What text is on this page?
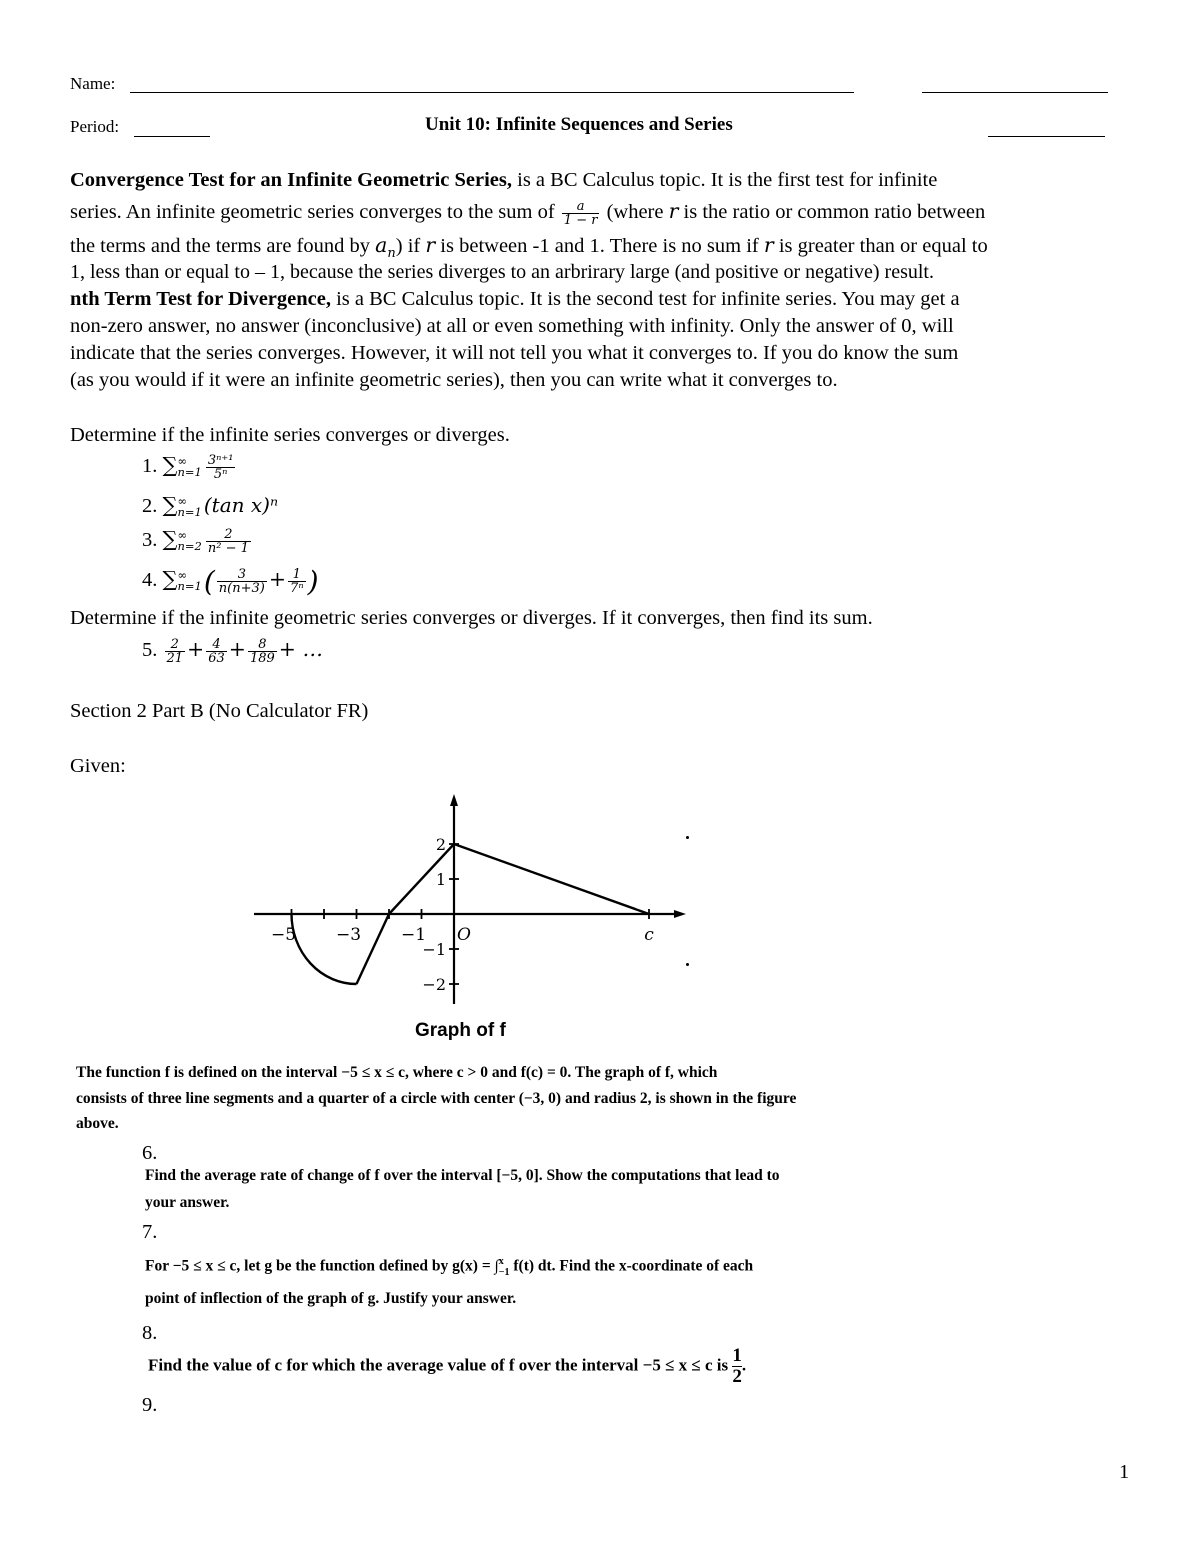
Name:
Period:	Unit 10: Infinite Sequences and Series
Convergence Test for an Infinite Geometric Series, is a BC Calculus topic. It is the first test for infinite
series. An infinite geometric series converges to the sum of $\frac{a}{1 - r}$ (where r is the ratio or common ratio between
the terms and the terms are found by $a_n$) if r is between -1 and 1. There is no sum if r is greater than or equal to
1, less than or equal to – 1, because the series diverges to an arbrirary large (and positive or negative) result.
nth Term Test for Divergence, is a BC Calculus topic. It is the second test for infinite series. You may get a
non-zero answer, no answer (inconclusive) at all or even something with infinity. Only the answer of 0, will
indicate that the series converges. However, it will not tell you what it converges to. If you do know the sum
(as you would if it were an infinite geometric series), then you can write what it converges to.
Determine if the infinite series converges or diverges.
1. ∑ ∞
$n=1 \frac{\text{3ⁿ⁺¹}}{\text{5ⁿ}}$
2. ∑ ∞
n=1 (tan x)ⁿ
3. ∑ ∞
$n=2 \frac{2}{\text{n² − 1}}$
4. ∑ ∞
n=1 ( $\frac{3}{n(n+3)} + \frac{1}{\text{7ⁿ}}$ )
Determine if the infinite geometric series converges or diverges. If it converges, then find its sum.
5. $\frac{2}{21} + \frac{4}{63} + \frac{8}{189}$ + …
Section 2 Part B (No Calculator FR)
Given:
−5 −3 −1 O	c
2
1
−1
−2
Graph of f
The function f is defined on the interval −5 ≤ x ≤ c, where c > 0 and f(c) = 0. The graph of f, which
consists of three line segments and a quarter of a circle with center (−3, 0) and radius 2, is shown in the figure
above.
6.
Find the average rate of change of f over the interval [−5, 0]. Show the computations that lead to
your answer.
7.
For −5 ≤ x ≤ c, let g be the function defined by g(x) = ∫ x
−1 f(t) dt. Find the x-coordinate of each
point of inflection of the graph of g. Justify your answer.
8.
Find the value of c for which the average value of f over the interval −5 ≤ x ≤ c is $\frac{1}{2}$ .
9.
1
